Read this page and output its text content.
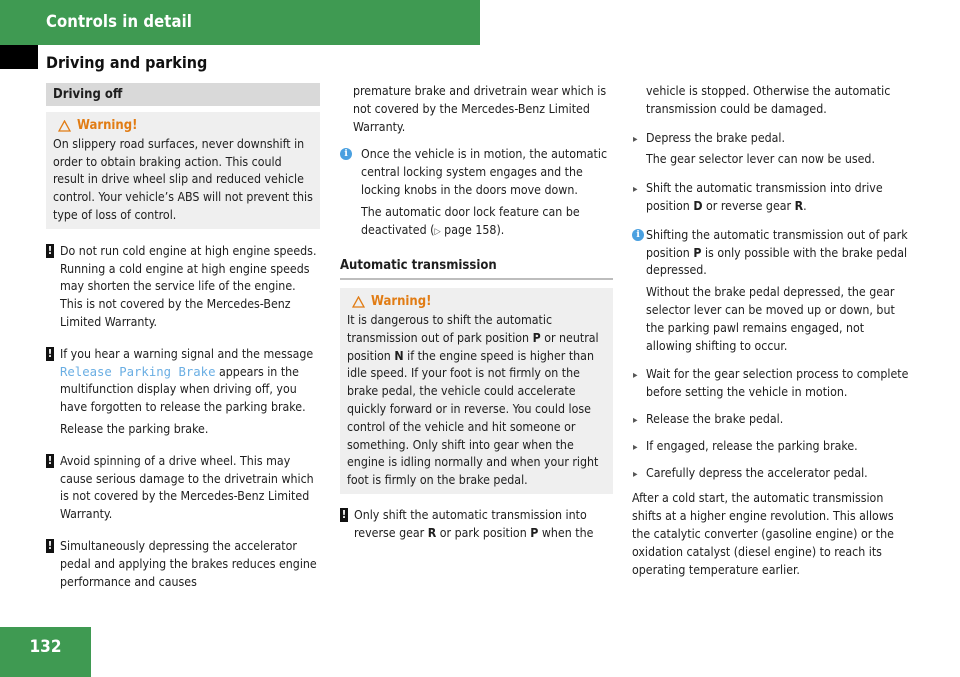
Controls in detail
Driving and parking
Driving off
Warning!

On slippery road surfaces, never downshift in order to obtain braking action. This could result in drive wheel slip and reduced vehicle control. Your vehicle’s ABS will not prevent this type of loss of control.

! Do not run cold engine at high engine speeds. Running a cold engine at high engine speeds may shorten the service life of the engine. This is not covered by the Mercedes-Benz Limited Warranty.

! If you hear a warning signal and the message Release Parking Brake appears in the multifunction display when driving off, you have forgotten to release the parking brake.

Release the parking brake.

! Avoid spinning of a drive wheel. This may cause serious damage to the drivetrain which is not covered by the Mercedes-Benz Limited Warranty.

! Simultaneously depressing the accelerator pedal and applying the brakes reduces engine performance and causes

premature brake and drivetrain wear which is not covered by the Mercedes-Benz Limited Warranty.

i	Once the vehicle is in motion, the automatic central locking system engages and the locking knobs in the doors move down.

The automatic door lock feature can be deactivated (▷ page 158).

Automatic transmission
Warning!

It is dangerous to shift the automatic transmission out of park position P or neutral position N if the engine speed is higher than idle speed. If your foot is not firmly on the brake pedal, the vehicle could accelerate quickly forward or in reverse. You could lose control of the vehicle and hit someone or something. Only shift into gear when the engine is idling normally and when your right foot is firmly on the brake pedal.

! Only shift the automatic transmission into reverse gear R or park position P when the

vehicle is stopped. Otherwise the automatic transmission could be damaged.

▸ Depress the brake pedal.

The gear selector lever can now be used.

▸ Shift the automatic transmission into drive position D or reverse gear R.

i Shifting the automatic transmission out of park position P is only possible with the brake pedal depressed.

Without the brake pedal depressed, the gear selector lever can be moved up or down, but the parking pawl remains engaged, not allowing shifting to occur.

▸ Wait for the gear selection process to complete before setting the vehicle in motion.

▸ Release the brake pedal.

▸ If engaged, release the parking brake.

▸ Carefully depress the accelerator pedal.

After a cold start, the automatic transmission shifts at a higher engine revolution. This allows the catalytic converter (gasoline engine) or the oxidation catalyst (diesel engine) to reach its operating temperature earlier.

132
